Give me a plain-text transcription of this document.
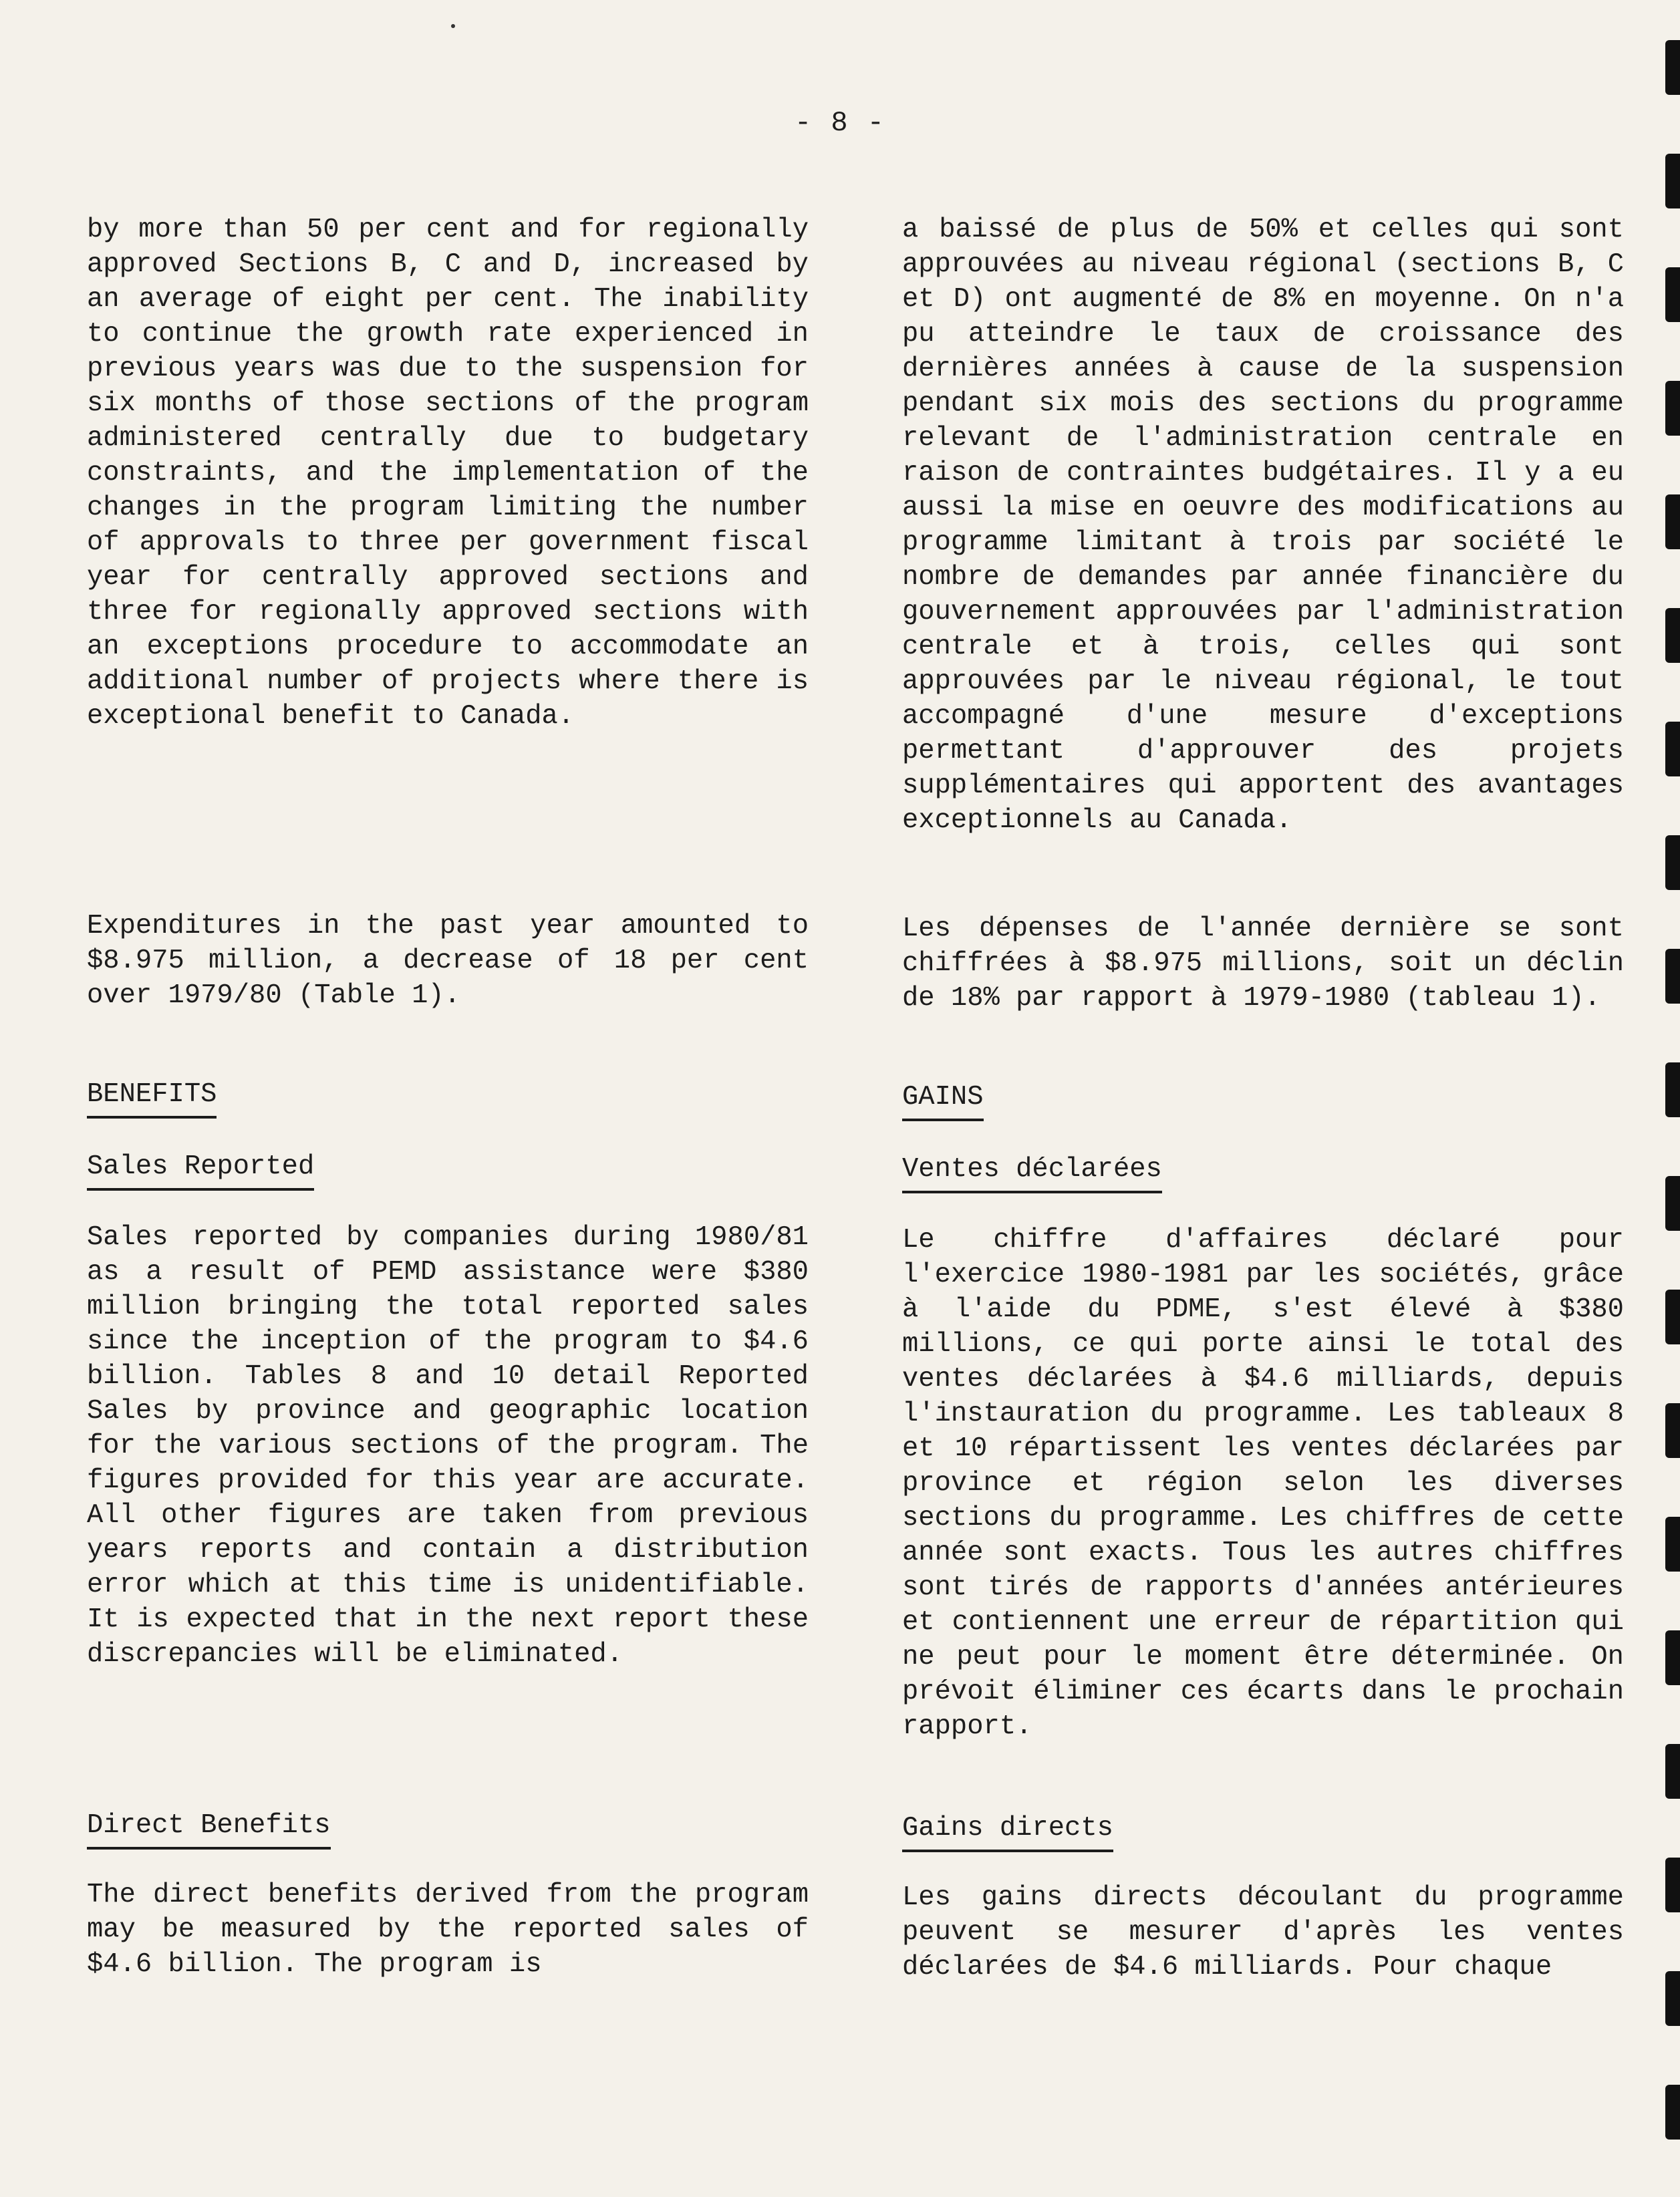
- 8 -

by more than 50 per cent and for regionally approved Sections B, C and D, increased by an average of eight per cent. The inability to continue the growth rate experienced in previous years was due to the suspension for six months of those sections of the program administered centrally due to budgetary constraints, and the implementation of the changes in the program limiting the number of approvals to three per government fiscal year for centrally approved sections and three for regionally approved sections with an exceptions procedure to accommodate an additional number of projects where there is exceptional benefit to Canada.

Expenditures in the past year amounted to $8.975 million, a decrease of 18 per cent over 1979/80 (Table 1).

BENEFITS
Sales Reported

Sales reported by companies during 1980/81 as a result of PEMD assistance were $380 million bringing the total reported sales since the inception of the program to $4.6 billion. Tables 8 and 10 detail Reported Sales by province and geographic location for the various sections of the program. The figures provided for this year are accurate. All other figures are taken from previous years reports and contain a distribution error which at this time is unidentifiable. It is expected that in the next report these discrepancies will be eliminated.

Direct Benefits

The direct benefits derived from the program may be measured by the reported sales of $4.6 billion. The program is

a baissé de plus de 50% et celles qui sont approuvées au niveau régional (sections B, C et D) ont augmenté de 8% en moyenne. On n'a pu atteindre le taux de croissance des dernières années à cause de la suspension pendant six mois des sections du programme relevant de l'administration centrale en raison de contraintes budgétaires. Il y a eu aussi la mise en oeuvre des modifications au programme limitant à trois par société le nombre de demandes par année financière du gouvernement approuvées par l'administration centrale et à trois, celles qui sont approuvées par le niveau régional, le tout accompagné d'une mesure d'exceptions permettant d'approuver des projets supplémentaires qui apportent des avantages exceptionnels au Canada.

Les dépenses de l'année dernière se sont chiffrées à $8.975 millions, soit un déclin de 18% par rapport à 1979-1980 (tableau 1).

GAINS
Ventes déclarées

Le chiffre d'affaires déclaré pour l'exercice 1980-1981 par les sociétés, grâce à l'aide du PDME, s'est élevé à $380 millions, ce qui porte ainsi le total des ventes déclarées à $4.6 milliards, depuis l'instauration du programme. Les tableaux 8 et 10 répartissent les ventes déclarées par province et région selon les diverses sections du programme. Les chiffres de cette année sont exacts. Tous les autres chiffres sont tirés de rapports d'années antérieures et contiennent une erreur de répartition qui ne peut pour le moment être déterminée. On prévoit éliminer ces écarts dans le prochain rapport.

Gains directs

Les gains directs découlant du programme peuvent se mesurer d'après les ventes déclarées de $4.6 milliards. Pour chaque
